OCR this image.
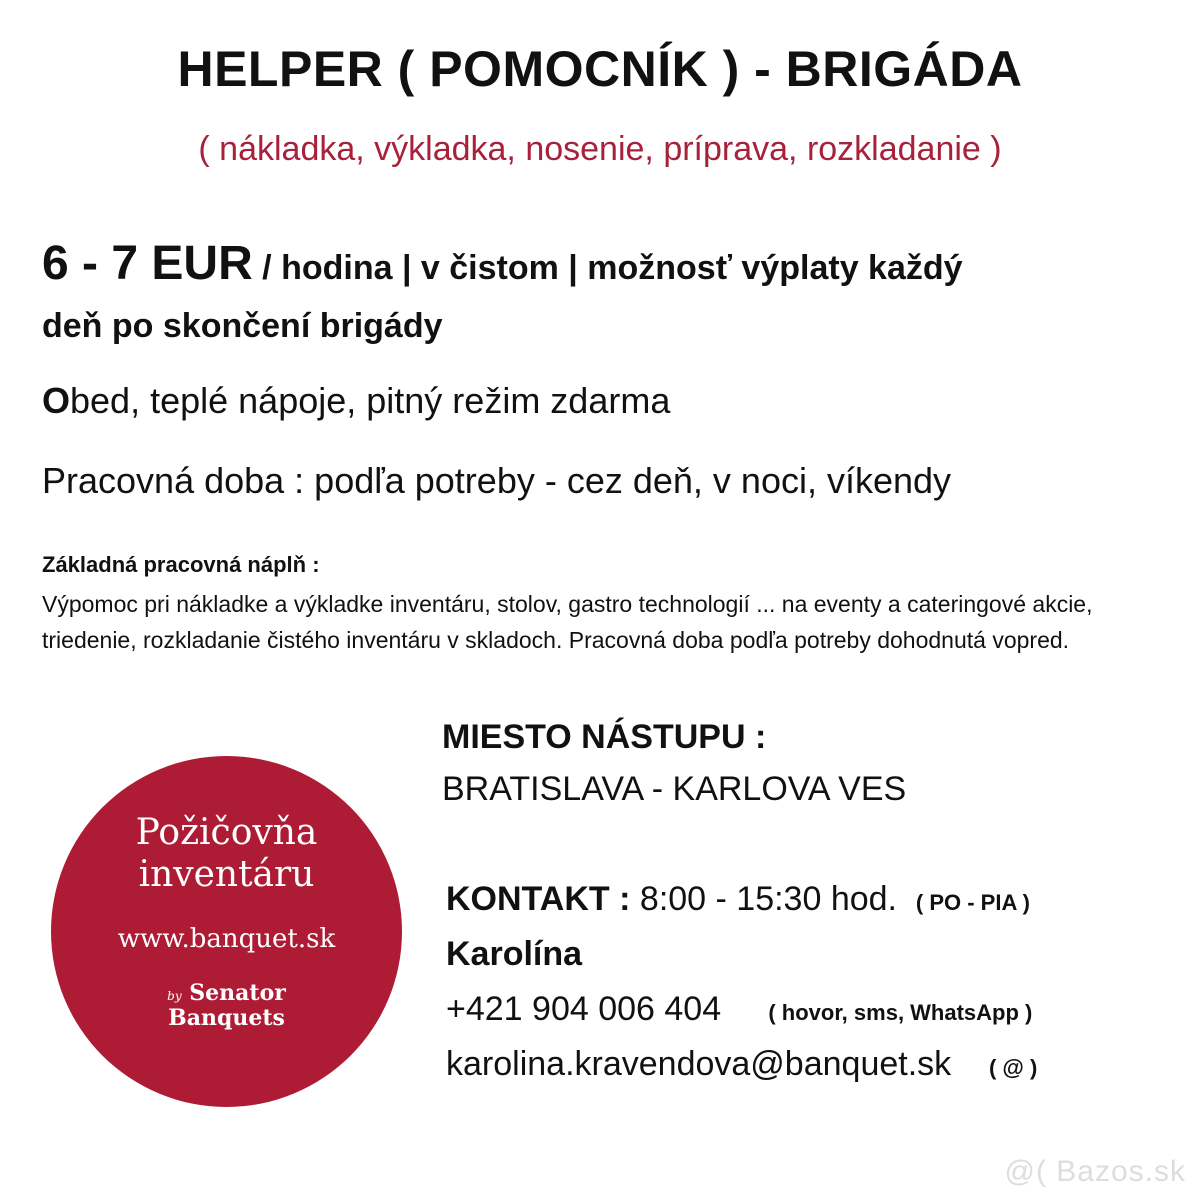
HELPER ( POMOCNÍK ) - BRIGÁDA
( nákladka, výkladka, nosenie, príprava, rozkladanie )
6 - 7 EUR / hodina | v čistom | možnosť výplaty každý
deň po skončení brigády
Obed, teplé nápoje, pitný režim zdarma
Pracovná doba : podľa potreby - cez deň, v noci, víkendy
Základná pracovná náplň :
Výpomoc pri nákladke a výkladke inventáru, stolov, gastro technologií ... na eventy a cateringové akcie, triedenie, rozkladanie čistého inventáru v skladoch. Pracovná doba podľa potreby dohodnutá vopred.
Požičovňa
inventáru
www.banquet.sk
by Senator
Banquets
MIESTO NÁSTUPU :
BRATISLAVA - KARLOVA VES
KONTAKT : 8:00 - 15:30 hod. ( PO - PIA )
Karolína
+421 904 006 404 ( hovor, sms, WhatsApp )
karolina.kravendova@banquet.sk ( @ )
@( Bazos.sk
